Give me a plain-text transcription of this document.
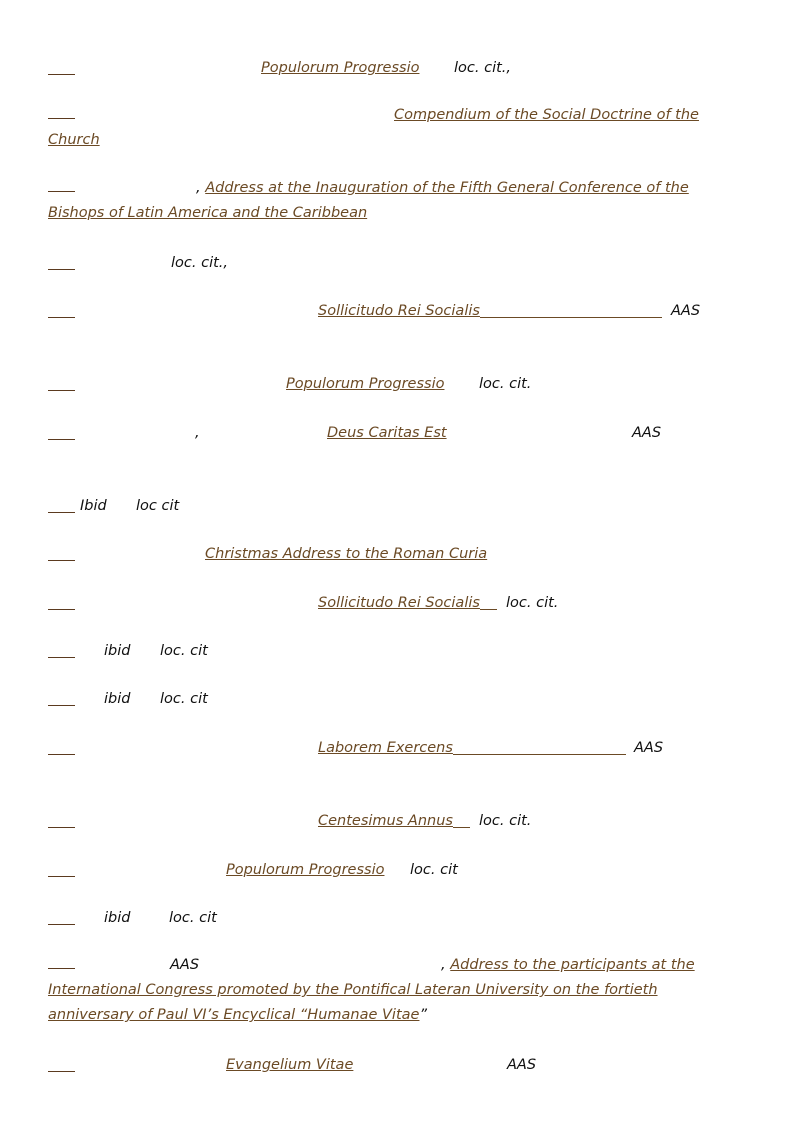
Populorum Progressio loc. cit.,
Compendium of the Social Doctrine of the Church
, Address at the Inauguration of the Fifth General Conference of the Bishops of Latin America and the Caribbean
loc. cit.,
Sollicitudo Rei Socialis	AAS
Populorum Progressio loc. cit.
,	Deus Caritas Est	AAS
Ibid loc cit
Christmas Address to the Roman Curia
Sollicitudo Rei Socialis loc. cit.
ibid loc. cit
ibid loc. cit
Laborem Exercens	AAS
Centesimus Annus loc. cit.
Populorum Progressio loc. cit
ibid	loc. cit
AAS	, Address to the participants at the International Congress promoted by the Pontifical Lateran University on the fortieth anniversary of Paul VI’s Encyclical “Humanae Vitae”
Evangelium Vitae	AAS
